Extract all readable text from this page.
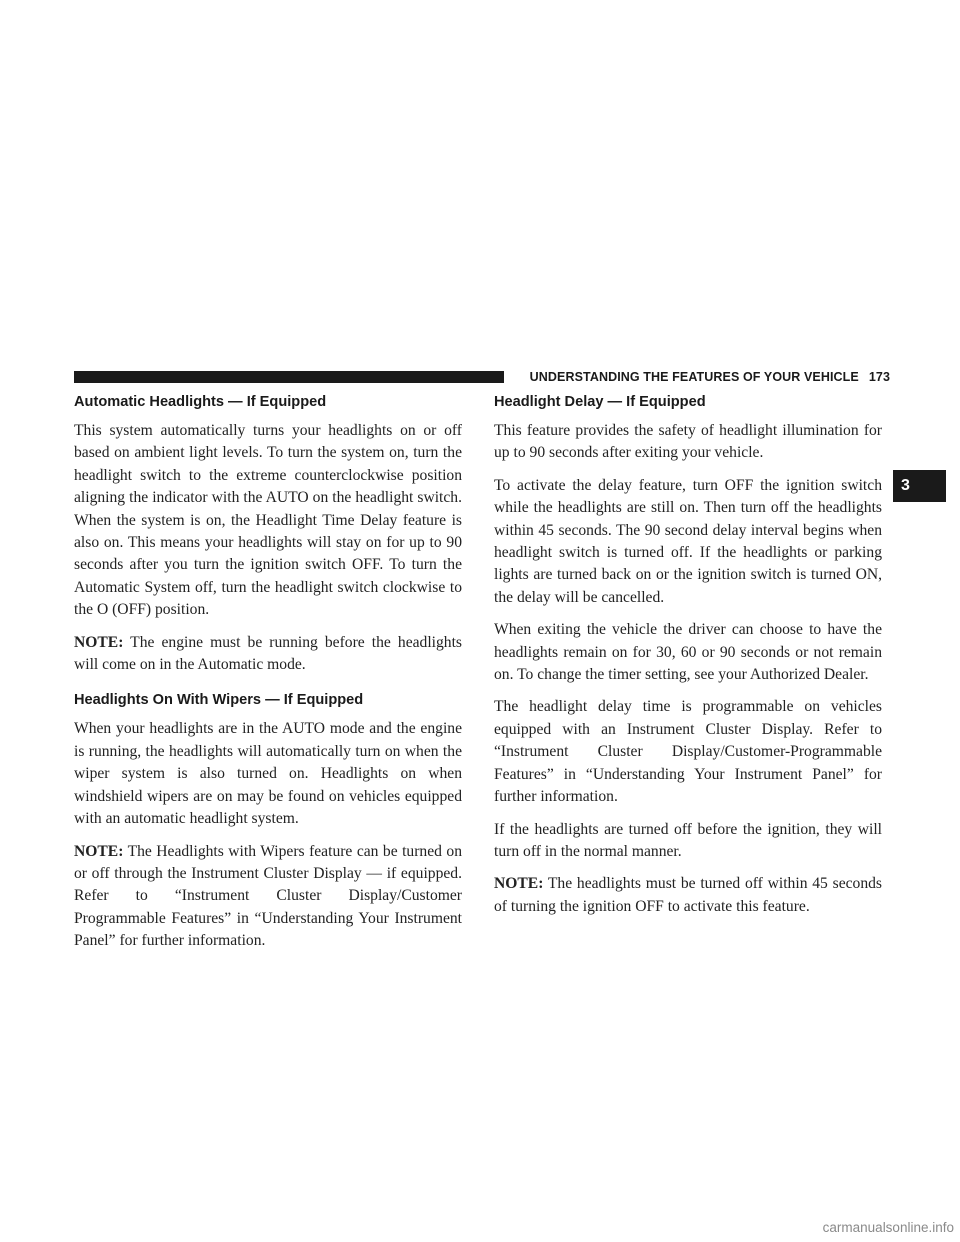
UNDERSTANDING THE FEATURES OF YOUR VEHICLE 173
Automatic Headlights — If Equipped

This system automatically turns your headlights on or off based on ambient light levels. To turn the system on, turn the headlight switch to the extreme counterclockwise position aligning the indicator with the AUTO on the headlight switch. When the system is on, the Headlight Time Delay feature is also on. This means your headlights will stay on for up to 90 seconds after you turn the ignition switch OFF. To turn the Automatic System off, turn the headlight switch clockwise to the O (OFF) position.

NOTE: The engine must be running before the headlights will come on in the Automatic mode.

Headlights On With Wipers — If Equipped

When your headlights are in the AUTO mode and the engine is running, the headlights will automatically turn on when the wiper system is also turned on. Headlights on when windshield wipers are on may be found on vehicles equipped with an automatic headlight system.

NOTE: The Headlights with Wipers feature can be turned on or off through the Instrument Cluster Display — if equipped. Refer to “Instrument Cluster Display/Customer Programmable Features” in “Understanding Your Instrument Panel” for further information.

Headlight Delay — If Equipped

This feature provides the safety of headlight illumination for up to 90 seconds after exiting your vehicle.

To activate the delay feature, turn OFF the ignition switch while the headlights are still on. Then turn off the headlights within 45 seconds. The 90 second delay interval begins when headlight switch is turned off. If the headlights or parking lights are turned back on or the ignition switch is turned ON, the delay will be cancelled.

When exiting the vehicle the driver can choose to have the headlights remain on for 30, 60 or 90 seconds or not remain on. To change the timer setting, see your Authorized Dealer.

The headlight delay time is programmable on vehicles equipped with an Instrument Cluster Display. Refer to “Instrument Cluster Display/Customer-Programmable Features” in “Understanding Your Instrument Panel” for further information.

If the headlights are turned off before the ignition, they will turn off in the normal manner.

NOTE: The headlights must be turned off within 45 seconds of turning the ignition OFF to activate this feature.

3
carmanualsonline.info
